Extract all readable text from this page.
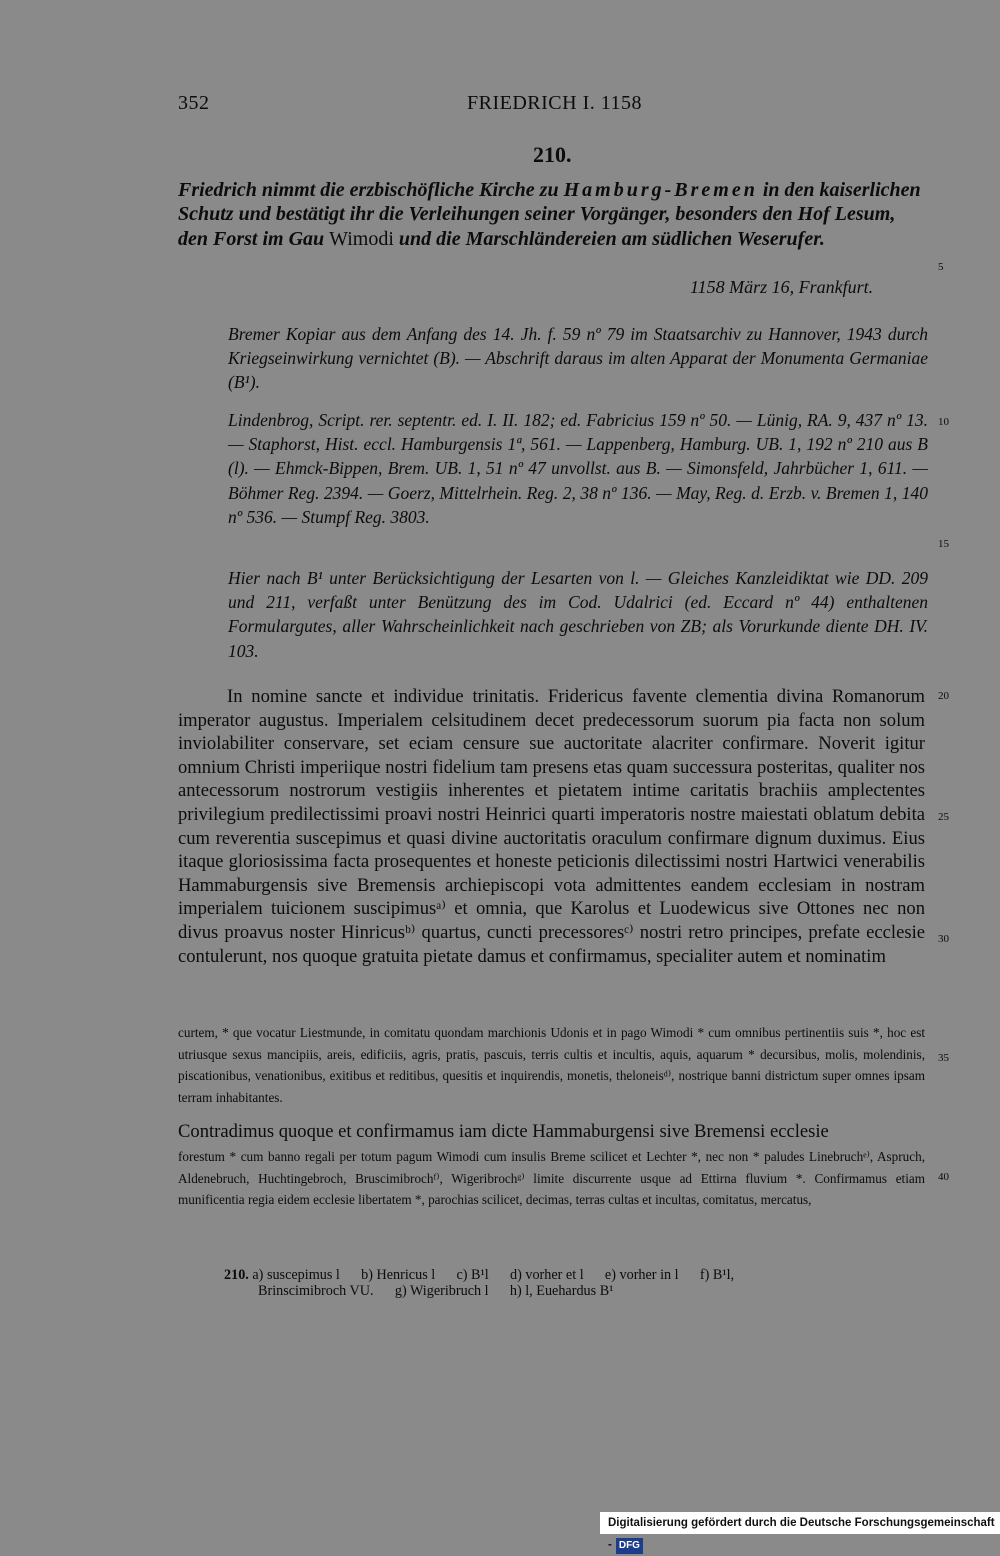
352	FRIEDRICH I. 1158
210.

Friedrich nimmt die erzbischöfliche Kirche zu Hamburg-Bremen in den kaiserlichen Schutz und bestätigt ihr die Verleihungen seiner Vorgänger, besonders den Hof Lesum, den Forst im Gau Wimodi und die Marschländereien am südlichen Weserufer.

1158 März 16, Frankfurt.

Bremer Kopiar aus dem Anfang des 14. Jh. f. 59 nº 79 im Staatsarchiv zu Hannover, 1943 durch Kriegseinwirkung vernichtet (B). — Abschrift daraus im alten Apparat der Monumenta Germaniae (B¹).

Lindenbrog, Script. rer. septentr. ed. I. II. 182; ed. Fabricius 159 nº 50. — Lünig, RA. 9, 437 nº 13. — Staphorst, Hist. eccl. Hamburgensis 1ª, 561. — Lappenberg, Hamburg. UB. 1, 192 nº 210 aus B (l). — Ehmck-Bippen, Brem. UB. 1, 51 nº 47 unvollst. aus B. — Simonsfeld, Jahrbücher 1, 611. — Böhmer Reg. 2394. — Goerz, Mittelrhein. Reg. 2, 38 nº 136. — May, Reg. d. Erzb. v. Bremen 1, 140 nº 536. — Stumpf Reg. 3803.

Hier nach B¹ unter Berücksichtigung der Lesarten von l. — Gleiches Kanzleidiktat wie DD. 209 und 211, verfaßt unter Benützung des im Cod. Udalrici (ed. Eccard nº 44) enthaltenen Formulargutes, aller Wahrscheinlichkeit nach geschrieben von ZB; als Vorurkunde diente DH. IV. 103.

In nomine sancte et individue trinitatis. Fridericus favente clementia divina Romanorum imperator augustus. Imperialem celsitudinem decet predecessorum suorum pia facta non solum inviolabiliter conservare, set eciam censure sue auctoritate alacriter confirmare. Noverit igitur omnium Christi imperiique nostri fidelium tam presens etas quam successura posteritas, qualiter nos antecessorum nostrorum vestigiis inherentes et pietatem intime caritatis brachiis amplectentes privilegium predilectissimi proavi nostri Heinrici quarti imperatoris nostre maiestati oblatum debita cum reverentia suscepimus et quasi divine auctoritatis oraculum confirmare dignum duximus. Eius itaque gloriosissima facta prosequentes et honeste peticionis dilectissimi nostri Hartwici venerabilis Hammaburgensis sive Bremensis archiepiscopi vota admittentes eandem ecclesiam in nostram imperialem tuicionem suscipimusᵃ⁾ et omnia, que Karolus et Luodewicus sive Ottones nec non divus proavus noster Hinricusᵇ⁾ quartus, cuncti precessoresᶜ⁾ nostri retro principes, prefate ecclesie contulerunt, nos quoque gratuita pietate damus et confirmamus, specialiter autem et nominatim

curtem, * que vocatur Liestmunde, in comitatu quondam marchionis Udonis et in pago Wimodi * cum omnibus pertinentiis suis *, hoc est utriusque sexus mancipiis, areis, edificiis, agris, pratis, pascuis, terris cultis et incultis, aquis, aquarum * decursibus, molis, molendinis, piscationibus, venationibus, exitibus et reditibus, quesitis et inquirendis, monetis, theloneisᵈ⁾, nostrique banni districtum super omnes ipsam terram inhabitantes.

Contradimus quoque et confirmamus iam dicte Hammaburgensi sive Bremensi ecclesie

forestum * cum banno regali per totum pagum Wimodi cum insulis Breme scilicet et Lechter *, nec non * paludes Linebruchᵉ⁾, Aspruch, Aldenebruch, Huchtingebroch, Bruscimibrochᶠ⁾, Wigeribrochᵍ⁾ limite discurrente usque ad Ettirna fluvium *. Confirmamus etiam munificentia regia eidem ecclesie libertatem *, parochias scilicet, decimas, terras cultas et incultas, comitatus, mercatus,

5
10
15
20
25
30
35
40
210. a) suscepimus l      b) Henricus l      c) B¹l      d) vorher et l      e) vorher in l      f) B¹l,
Brinscimibroch VU.      g) Wigeribruch l      h) l, Euehardus B¹
Digitalisierung gefördert durch die Deutsche Forschungsgemeinschaft - DFG
